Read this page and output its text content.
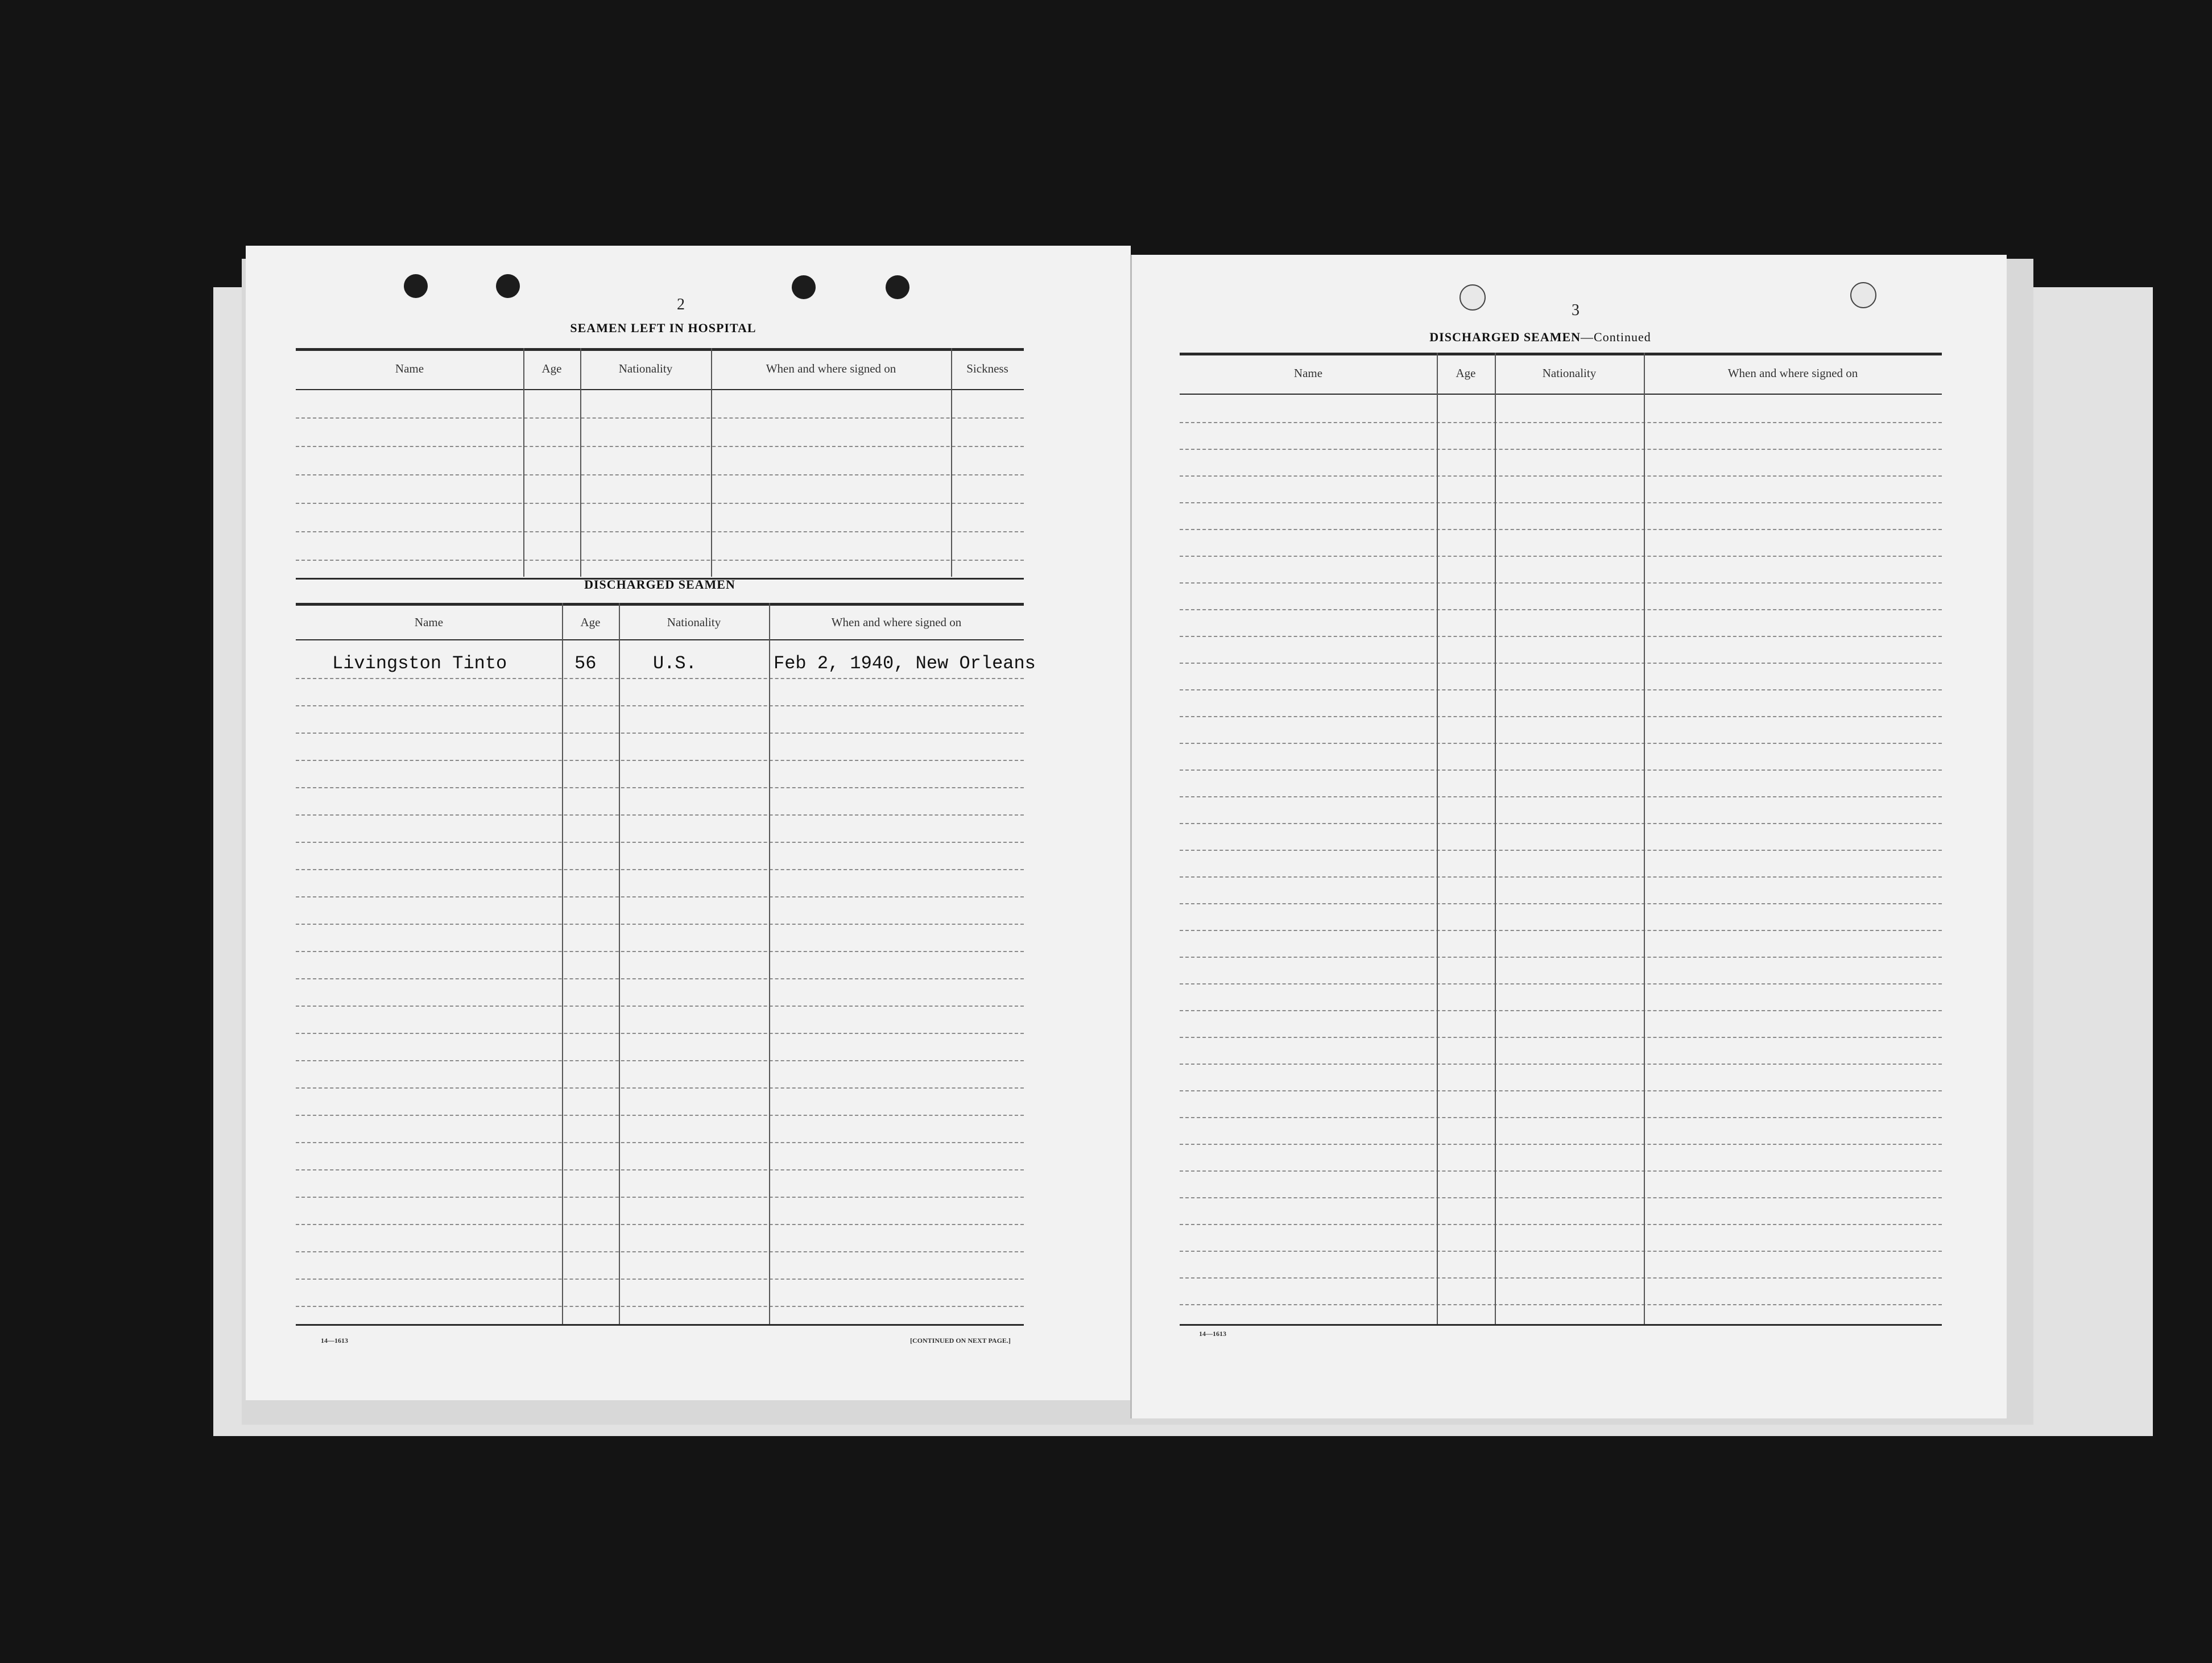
2
SEAMEN LEFT IN HOSPITAL
Name	Age	Nationality	When and where signed on	Sickness
DISCHARGED SEAMEN
Name	Age	Nationality	When and where signed on
Livingston Tinto	56	U.S.	Feb 2, 1940, New Orleans
14—1613	[CONTINUED ON NEXT PAGE.]
3
DISCHARGED SEAMEN—Continued
Name	Age	Nationality	When and where signed on
14—1613
